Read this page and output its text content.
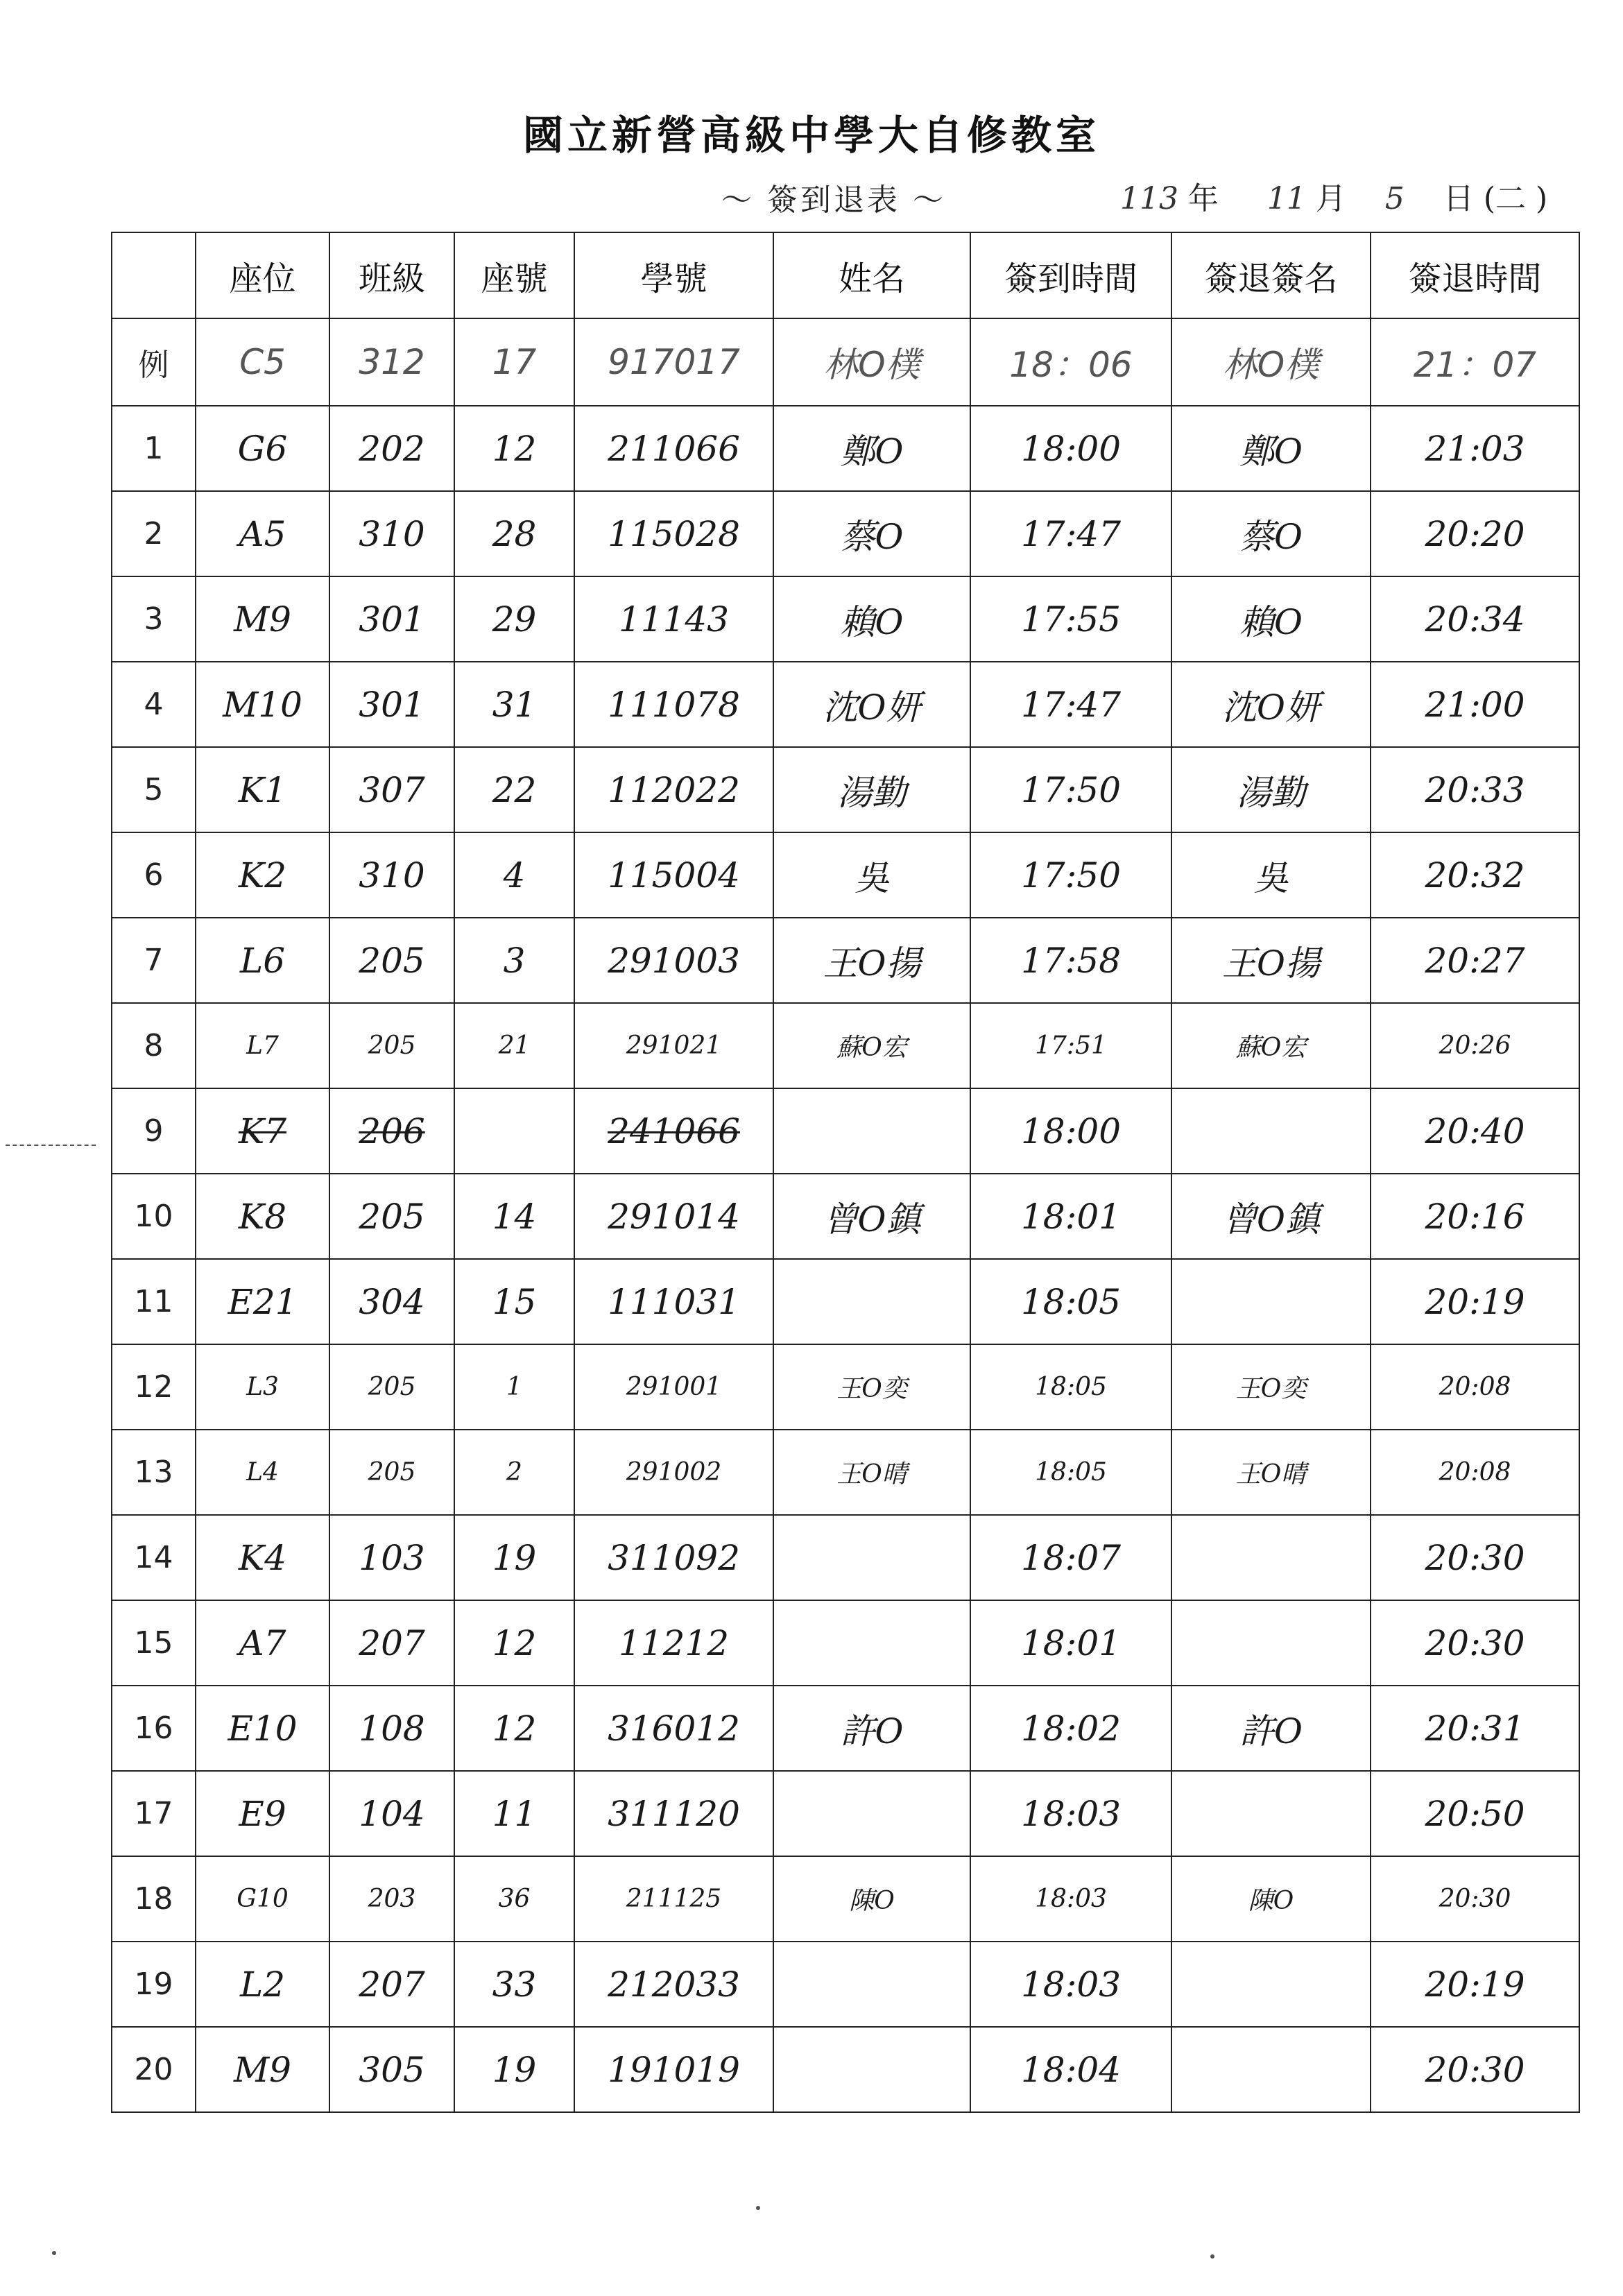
國立新營高級中學大自修教室
～ 簽到退表 ～	113 年 11 月 5 日 (二 )
	座位	班級	座號	學號	姓名	簽到時間	簽退簽名	簽退時間
例	C5	312	17	917017	林O樸	18：06	林O樸	21：07
1	G6	202	12	211066	鄭O	18:00	鄭O	21:03
2	A5	310	28	115028	蔡O	17:47	蔡O	20:20
3	M9	301	29	11143	賴O	17:55	賴O	20:34
4	M10	301	31	111078	沈O妍	17:47	沈O妍	21:00
5	K1	307	22	112022	湯勤	17:50	湯勤	20:33
6	K2	310	4	115004	吳	17:50	吳	20:32
7	L6	205	3	291003	王O揚	17:58	王O揚	20:27
8	L7	205	21	291021	蘇O宏	17:51	蘇O宏	20:26
9	K7	206		241066		18:00		20:40
10	K8	205	14	291014	曾O鎮	18:01	曾O鎮	20:16
11	E21	304	15	111031		18:05		20:19
12	L3	205	1	291001	王O奕	18:05	王O奕	20:08
13	L4	205	2	291002	王O晴	18:05	王O晴	20:08
14	K4	103	19	311092		18:07		20:30
15	A7	207	12	11212		18:01		20:30
16	E10	108	12	316012	許O	18:02	許O	20:31
17	E9	104	11	311120		18:03		20:50
18	G10	203	36	211125	陳O	18:03	陳O	20:30
19	L2	207	33	212033		18:03		20:19
20	M9	305	19	191019		18:04		20:30
